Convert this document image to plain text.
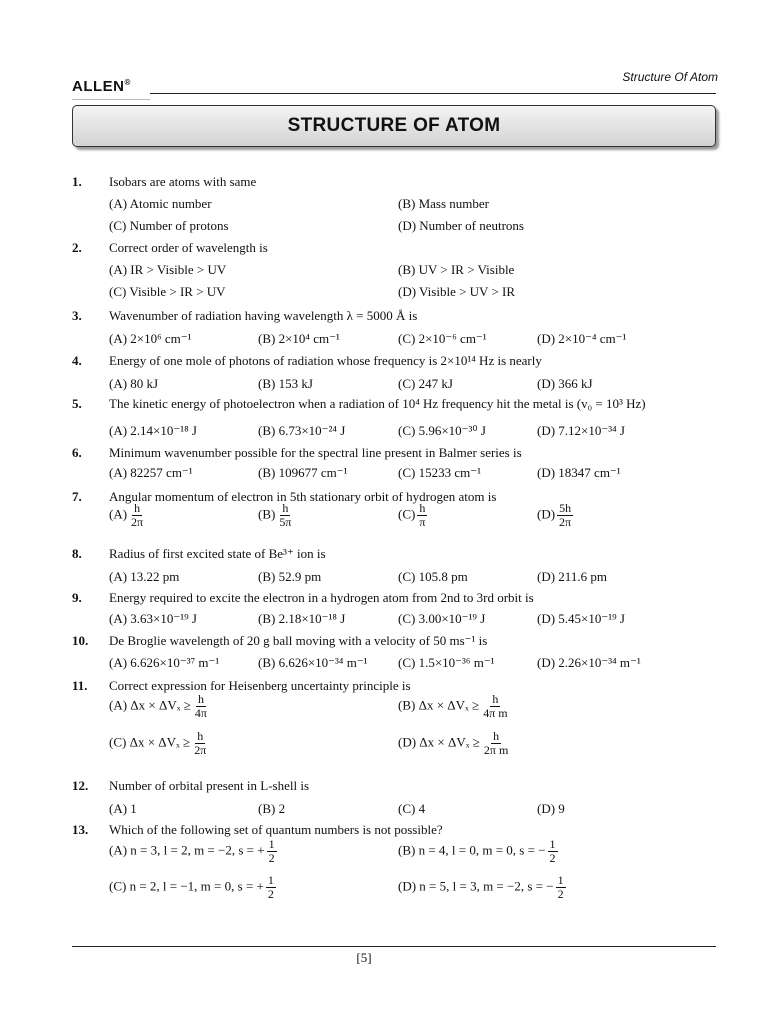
ALLEN®	Structure Of Atom
STRUCTURE OF ATOM
1. Isobars are atoms with same
(A) Atomic number	(B) Mass number
(C) Number of protons	(D) Number of neutrons
2. Correct order of wavelength is
(A) IR > Visible > UV	(B) UV > IR > Visible
(C) Visible > IR > UV	(D) Visible > UV > IR
3. Wavenumber of radiation having wavelength λ = 5000 Å is
(A) 2×10⁶ cm⁻¹	(B) 2×10⁴ cm⁻¹	(C) 2×10⁻⁶ cm⁻¹	(D) 2×10⁻⁴ cm⁻¹
4. Energy of one mole of photons of radiation whose frequency is 2×10¹⁴ Hz is nearly
(A) 80 kJ	(B) 153 kJ	(C) 247 kJ	(D) 366 kJ
5. The kinetic energy of photoelectron when a radiation of 10⁴ Hz frequency hit the metal is (v₀ = 10³ Hz)
(A) 2.14×10⁻¹⁸ J	(B) 6.73×10⁻²⁴ J	(C) 5.96×10⁻³⁰ J	(D) 7.12×10⁻³⁴ J
6. Minimum wavenumber possible for the spectral line present in Balmer series is
(A) 82257 cm⁻¹	(B) 109677 cm⁻¹	(C) 15233 cm⁻¹	(D) 18347 cm⁻¹
7. Angular momentum of electron in 5th stationary orbit of hydrogen atom is
$(A) \frac{h}{2\pi}$	$(B) \frac{h}{5\pi}$	$(C) \frac{h}{\pi}$	$(D) \frac{5h}{2\pi}$
8. Radius of first excited state of Be³⁺ ion is
(A) 13.22 pm	(B) 52.9 pm	(C) 105.8 pm	(D) 211.6 pm
9. Energy required to excite the electron in a hydrogen atom from 2nd to 3rd orbit is
(A) 3.63×10⁻¹⁹ J	(B) 2.18×10⁻¹⁸ J	(C) 3.00×10⁻¹⁹ J	(D) 5.45×10⁻¹⁹ J
10. De Broglie wavelength of 20 g ball moving with a velocity of 50 ms⁻¹ is
(A) 6.626×10⁻³⁷ m⁻¹	(B) 6.626×10⁻³⁴ m⁻¹ (C) 1.5×10⁻³⁶ m⁻¹	(D) 2.26×10⁻³⁴ m⁻¹
11. Correct expression for Heisenberg uncertainty principle is
(A) $\Delta x \times \Delta V_x \ge \frac{h}{4\pi}$	(B) $\Delta x \times \Delta V_x \ge \frac{h}{\text{4π m}}$
(C) $\Delta x \times \Delta V_x \ge \frac{h}{2\pi}$	(D) $\Delta x \times \Delta V_x \ge \frac{h}{\text{2π m}}$
12. Number of orbital present in L-shell is
(A) 1	(B) 2	(C) 4	(D) 9
13. Which of the following set of quantum numbers is not possible?
(A) n = 3, l = 2, m = −2, s = + $\frac{1}{2}$	(B) n = 4, l = 0, m = 0, s = − $\frac{1}{2}$
(C) n = 2, l = −1, m = 0, s = + $\frac{1}{2}$	(D) n = 5, l = 3, m = −2, s = − $\frac{1}{2}$
[5]
